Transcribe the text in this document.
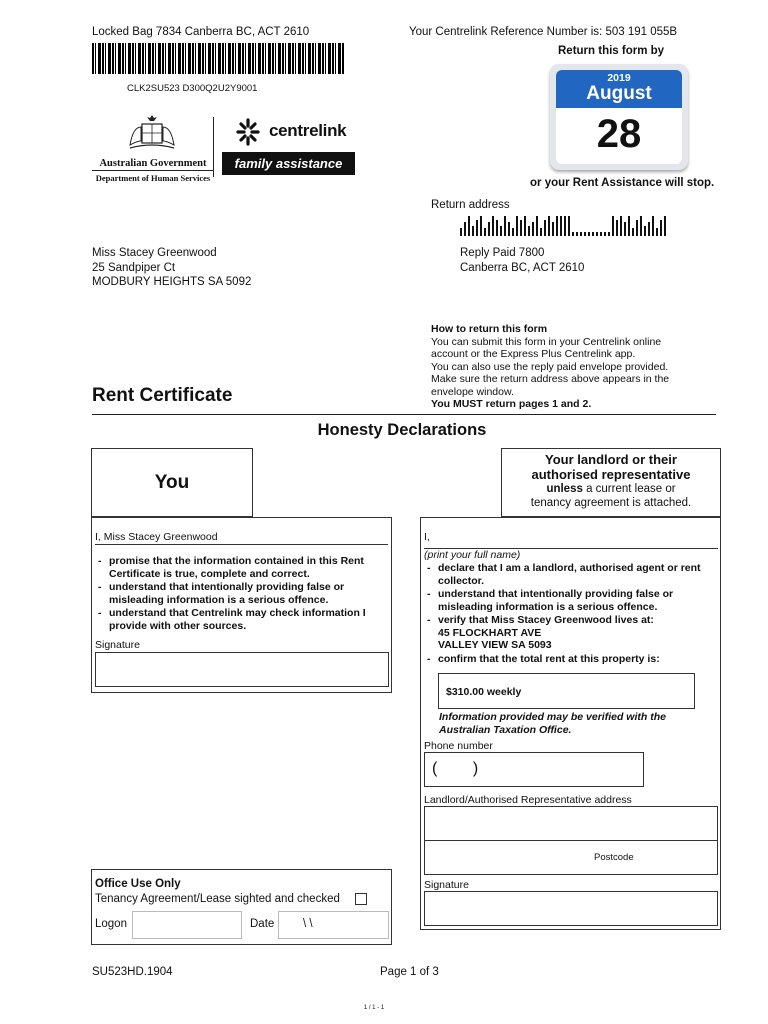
Locked Bag 7834 Canberra BC, ACT 2610	Your Centrelink Reference Number is: 503 191 055B
CLK2SU523 D300Q2U2Y9001
Australian Government
Department of Human Services
centrelink
family assistance
Return this form by
2019
August
28
or your Rent Assistance will stop.
Return address
Reply Paid 7800
Canberra BC, ACT 2610
Miss Stacey Greenwood
25 Sandpiper Ct
MODBURY HEIGHTS SA 5092
How to return this form
You can submit this form in your Centrelink online
account or the Express Plus Centrelink app.
You can also use the reply paid envelope provided.
Make sure the return address above appears in the
envelope window.
You MUST return pages 1 and 2.
Rent Certificate
Honesty Declarations
You
I, Miss Stacey Greenwood
- promise that the information contained in this Rent Certificate is true, complete and correct.
- understand that intentionally providing false or misleading information is a serious offence.
- understand that Centrelink may check information I provide with other sources.
Signature
Office Use Only
Tenancy Agreement/Lease sighted and checked
Logon	Date \ \
Your landlord or their
authorised representative
unless a current lease or
tenancy agreement is attached.
I,
(print your full name)
- declare that I am a landlord, authorised agent or rent collector.
- understand that intentionally providing false or misleading information is a serious offence.
- verify that Miss Stacey Greenwood lives at:
45 FLOCKHART AVE
VALLEY VIEW SA 5093
- confirm that the total rent at this property is:
$310.00 weekly
Information provided may be verified with the Australian Taxation Office.
Phone number
(        )
Landlord/Authorised Representative address
Postcode
Signature
SU523HD.1904	Page 1 of 3
1 / 1 - 1
